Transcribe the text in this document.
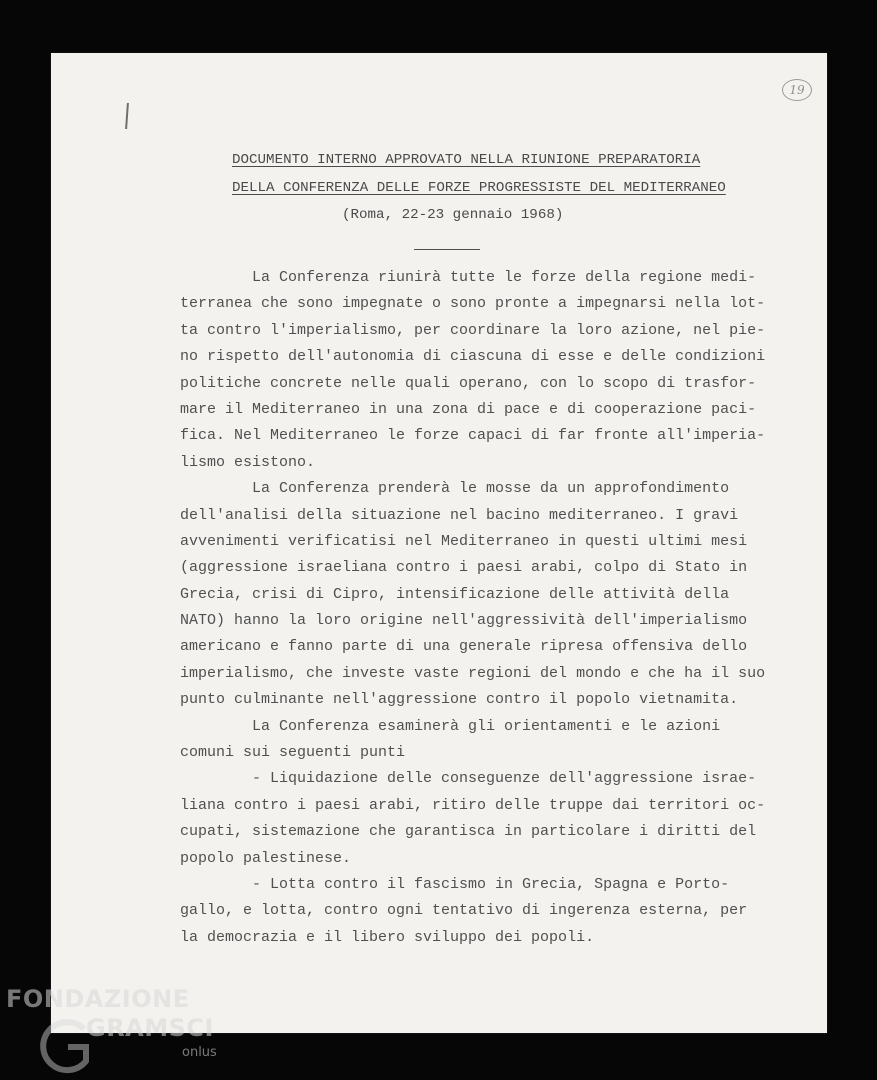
19
DOCUMENTO INTERNO APPROVATO NELLA RIUNIONE PREPARATORIA
DELLA CONFERENZA DELLE FORZE PROGRESSISTE DEL MEDITERRANEO
(Roma, 22-23 gennaio 1968)
La Conferenza riunirà tutte le forze della regione medi-
terranea che sono impegnate o sono pronte a impegnarsi nella lot-
ta contro l'imperialismo, per coordinare la loro azione, nel pie-
no rispetto dell'autonomia di ciascuna di esse e delle condizioni
politiche concrete nelle quali operano, con lo scopo di trasfor-
mare il Mediterraneo in una zona di pace e di cooperazione paci-
fica. Nel Mediterraneo le forze capaci di far fronte all'imperia-
lismo esistono.
La Conferenza prenderà le mosse da un approfondimento
dell'analisi della situazione nel bacino mediterraneo. I gravi
avvenimenti verificatisi nel Mediterraneo in questi ultimi mesi
(aggressione israeliana contro i paesi arabi, colpo di Stato in
Grecia, crisi di Cipro, intensificazione delle attività della
NATO) hanno la loro origine nell'aggressività dell'imperialismo
americano e fanno parte di una generale ripresa offensiva dello
imperialismo, che investe vaste regioni del mondo e che ha il suo
punto culminante nell'aggressione contro il popolo vietnamita.
La Conferenza esaminerà gli orientamenti e le azioni
comuni sui seguenti punti
- Liquidazione delle conseguenze dell'aggressione israe-
liana contro i paesi arabi, ritiro delle truppe dai territori oc-
cupati, sistemazione che garantisca in particolare i diritti del
popolo palestinese.
- Lotta contro il fascismo in Grecia, Spagna e Porto-
gallo, e lotta, contro ogni tentativo di ingerenza esterna, per
la democrazia e il libero sviluppo dei popoli.
FONDAZIONE
GRAMSCI
onlus
